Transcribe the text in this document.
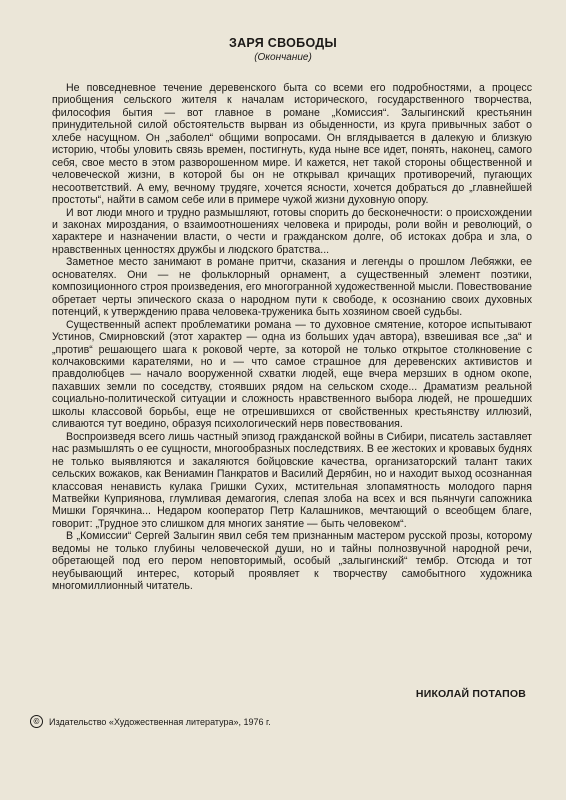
ЗАРЯ СВОБОДЫ
(Окончание)

Не повседневное течение деревенского быта со всеми его подробностями, а процесс приобщения сельского жителя к началам исторического, государственного творчества, философия бытия — вот главное в романе „Комиссия“. Залыгинский крестьянин принудительной силой обстоятельств вырван из обыденности, из круга привычных забот о хлебе насущном. Он „заболел“ общими вопросами. Он вглядывается в далекую и близкую историю, чтобы уловить связь времен, постигнуть, куда ныне все идет, понять, наконец, самого себя, свое место в этом разворошенном мире. И кажется, нет такой стороны общественной и человеческой жизни, в которой бы он не открывал кричащих противоречий, пугающих несоответствий. А ему, вечному трудяге, хочется ясности, хочется добраться до „главнейшей простоты“, найти в самом себе или в примере чужой жизни духовную опору.

И вот люди много и трудно размышляют, готовы спорить до бесконечности: о происхождении и законах мироздания, о взаимоотношениях человека и природы, роли войн и революций, о характере и назначении власти, о чести и гражданском долге, об истоках добра и зла, о нравственных ценностях дружбы и людского братства...

Заметное место занимают в романе притчи, сказания и легенды о прошлом Лебяжки, ее основателях. Они — не фольклорный орнамент, а существенный элемент поэтики, композиционного строя произведения, его многогранной художественной мысли. Повествование обретает черты эпического сказа о народном пути к свободе, к осознанию своих духовных потенций, к утверждению права человека-труженика быть хозяином своей судьбы.

Существенный аспект проблематики романа — то духовное смятение, которое испытывают Устинов, Смирновский (этот характер — одна из больших удач автора), взвешивая все „за“ и „против“ решающего шага к роковой черте, за которой не только открытое столкновение с колчаковскими карателями, но и — что самое страшное для деревенских активистов и правдолюбцев — начало вооруженной схватки людей, еще вчера мерзших в одном окопе, пахавших земли по соседству, стоявших рядом на сельском сходе... Драматизм реальной социально-политической ситуации и сложность нравственного выбора людей, не прошедших школы классовой борьбы, еще не отрешившихся от свойственных крестьянству иллюзий, сливаются тут воедино, образуя психологический нерв повествования.

Воспроизведя всего лишь частный эпизод гражданской войны в Сибири, писатель заставляет нас размышлять о ее сущности, многообразных последствиях. В ее жестоких и кровавых буднях не только выявляются и закаляются бойцовские качества, организаторский талант таких сельских вожаков, как Вениамин Панкратов и Василий Дерябин, но и находит выход осознанная классовая ненависть кулака Гришки Сухих, мстительная злопамятность молодого парня Матвейки Куприянова, глумливая демагогия, слепая злоба на всех и вся пьянчуги сапожника Мишки Горячкина... Недаром кооператор Петр Калашников, мечтающий о всеобщем благе, говорит: „Трудное это слишком для многих занятие — быть человеком“.

В „Комиссии“ Сергей Залыгин явил себя тем признанным мастером русской прозы, которому ведомы не только глубины человеческой души, но и тайны полнозвучной народной речи, обретающей под его пером неповторимый, особый „залыгинский“ тембр. Отсюда и тот неубывающий интерес, который проявляет к творчеству самобытного художника многомиллионный читатель.

НИКОЛАЙ ПОТАПОВ
©	Издательство «Художественная литература», 1976 г.
